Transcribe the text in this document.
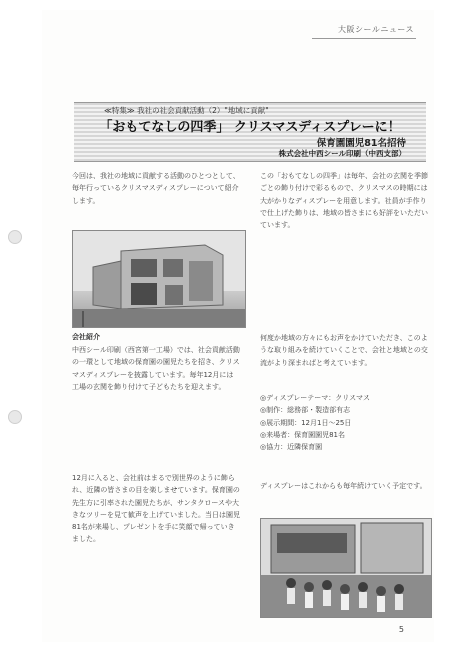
大阪シールニュース
≪特集≫ 我社の社会貢献活動（2）"地域に貢献"
「おもてなしの四季」 クリスマスディスプレーに！
保育園園児81名招待
株式会社中西シール印刷（中西支部）
今回は、我社の地域に貢献する活動のひとつとして、毎年行っているクリスマスディスプレーについて紹介します。
会社紹介
中西シール印刷（西宮第一工場）では、社会貢献活動の一環として地域の保育園の園児たちを招き、クリスマスディスプレーを披露しています。毎年12月には工場の玄関を飾り付けて子どもたちを迎えます。
12月に入ると、会社前はまるで別世界のように飾られ、近隣の皆さまの目を楽しませています。保育園の先生方に引率された園児たちが、サンタクロースや大きなツリーを見て歓声を上げていました。当日は園児81名が来場し、プレゼントを手に笑顔で帰っていきました。
この「おもてなしの四季」は毎年、会社の玄関を季節ごとの飾り付けで彩るもので、クリスマスの時期には大がかりなディスプレーを用意します。社員が手作りで仕上げた飾りは、地域の皆さまにも好評をいただいています。
何度か地域の方々にもお声をかけていただき、このような取り組みを続けていくことで、会社と地域との交流がより深まればと考えています。
◎ディスプレーテーマ：クリスマス
◎制作：総務部・製造部有志
◎展示期間：12月1日〜25日
◎来場者：保育園園児81名
◎協力：近隣保育園
ディスプレーはこれからも毎年続けていく予定です。
5
